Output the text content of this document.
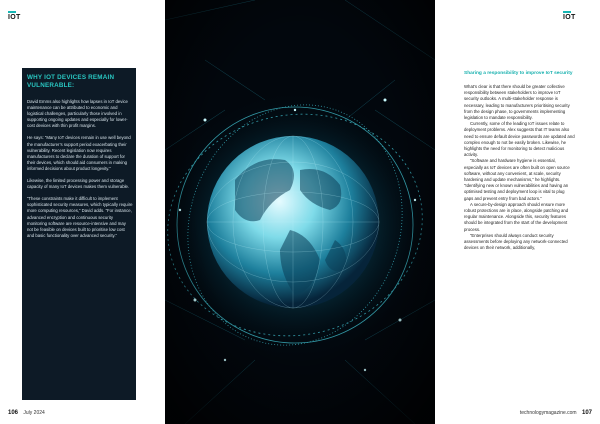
IOT
WHY IOT DEVICES REMAIN VULNERABLE:

David Emms also highlights how lapses in IoT device maintenance can be attributed to economic and logistical challenges, particularly those involved in supporting ongoing updates and especially for lower-cost devices with thin profit margins.

He says: “Many IoT devices remain in use well beyond the manufacturer’s support period exacerbating their vulnerability. Recent legislation now requires manufacturers to declare the duration of support for their devices, which should aid consumers in making informed decisions about product longevity.”

Likewise, the limited processing power and storage capacity of many IoT devices makes them vulnerable.

“These constraints make it difficult to implement sophisticated security measures, which typically require more computing resources,” David adds. “For instance, advanced encryption and continuous security monitoring software are resource-intensive and may not be feasible on devices built to prioritise low cost and basic functionality over advanced security.”

106 July 2024
IOT
Sharing a responsibility to improve IoT security

What’s clear is that there should be greater collective responsibility between stakeholders to improve IoT security outlooks. A multi-stakeholder response is necessary, leading to manufacturers prioritising security from the design phase, to governments implementing legislation to mandate responsibility.

Currently, some of the leading IoT issues relate to deployment problems. Alex suggests that IT teams also need to ensure default device passwords are updated and complex enough to not be easily broken. Likewise, he highlights the need for monitoring to detect malicious activity.

“Software and hardware hygiene is essential, especially as IoT devices are often built on open source software, without any convenient, at scale, security hardening and update mechanisms,” he highlights. “Identifying new or known vulnerabilities and having an optimised testing and deployment loop is vital to plug gaps and prevent entry from bad actors.”

A secure-by-design approach should ensure more robust protections are in place, alongside patching and regular maintenance. Alongside this, security features should be integrated from the start of the development process.

“Enterprises should always conduct security assessments before deploying any network-connected devices on their network, additionally,

technologymagazine.com 107
